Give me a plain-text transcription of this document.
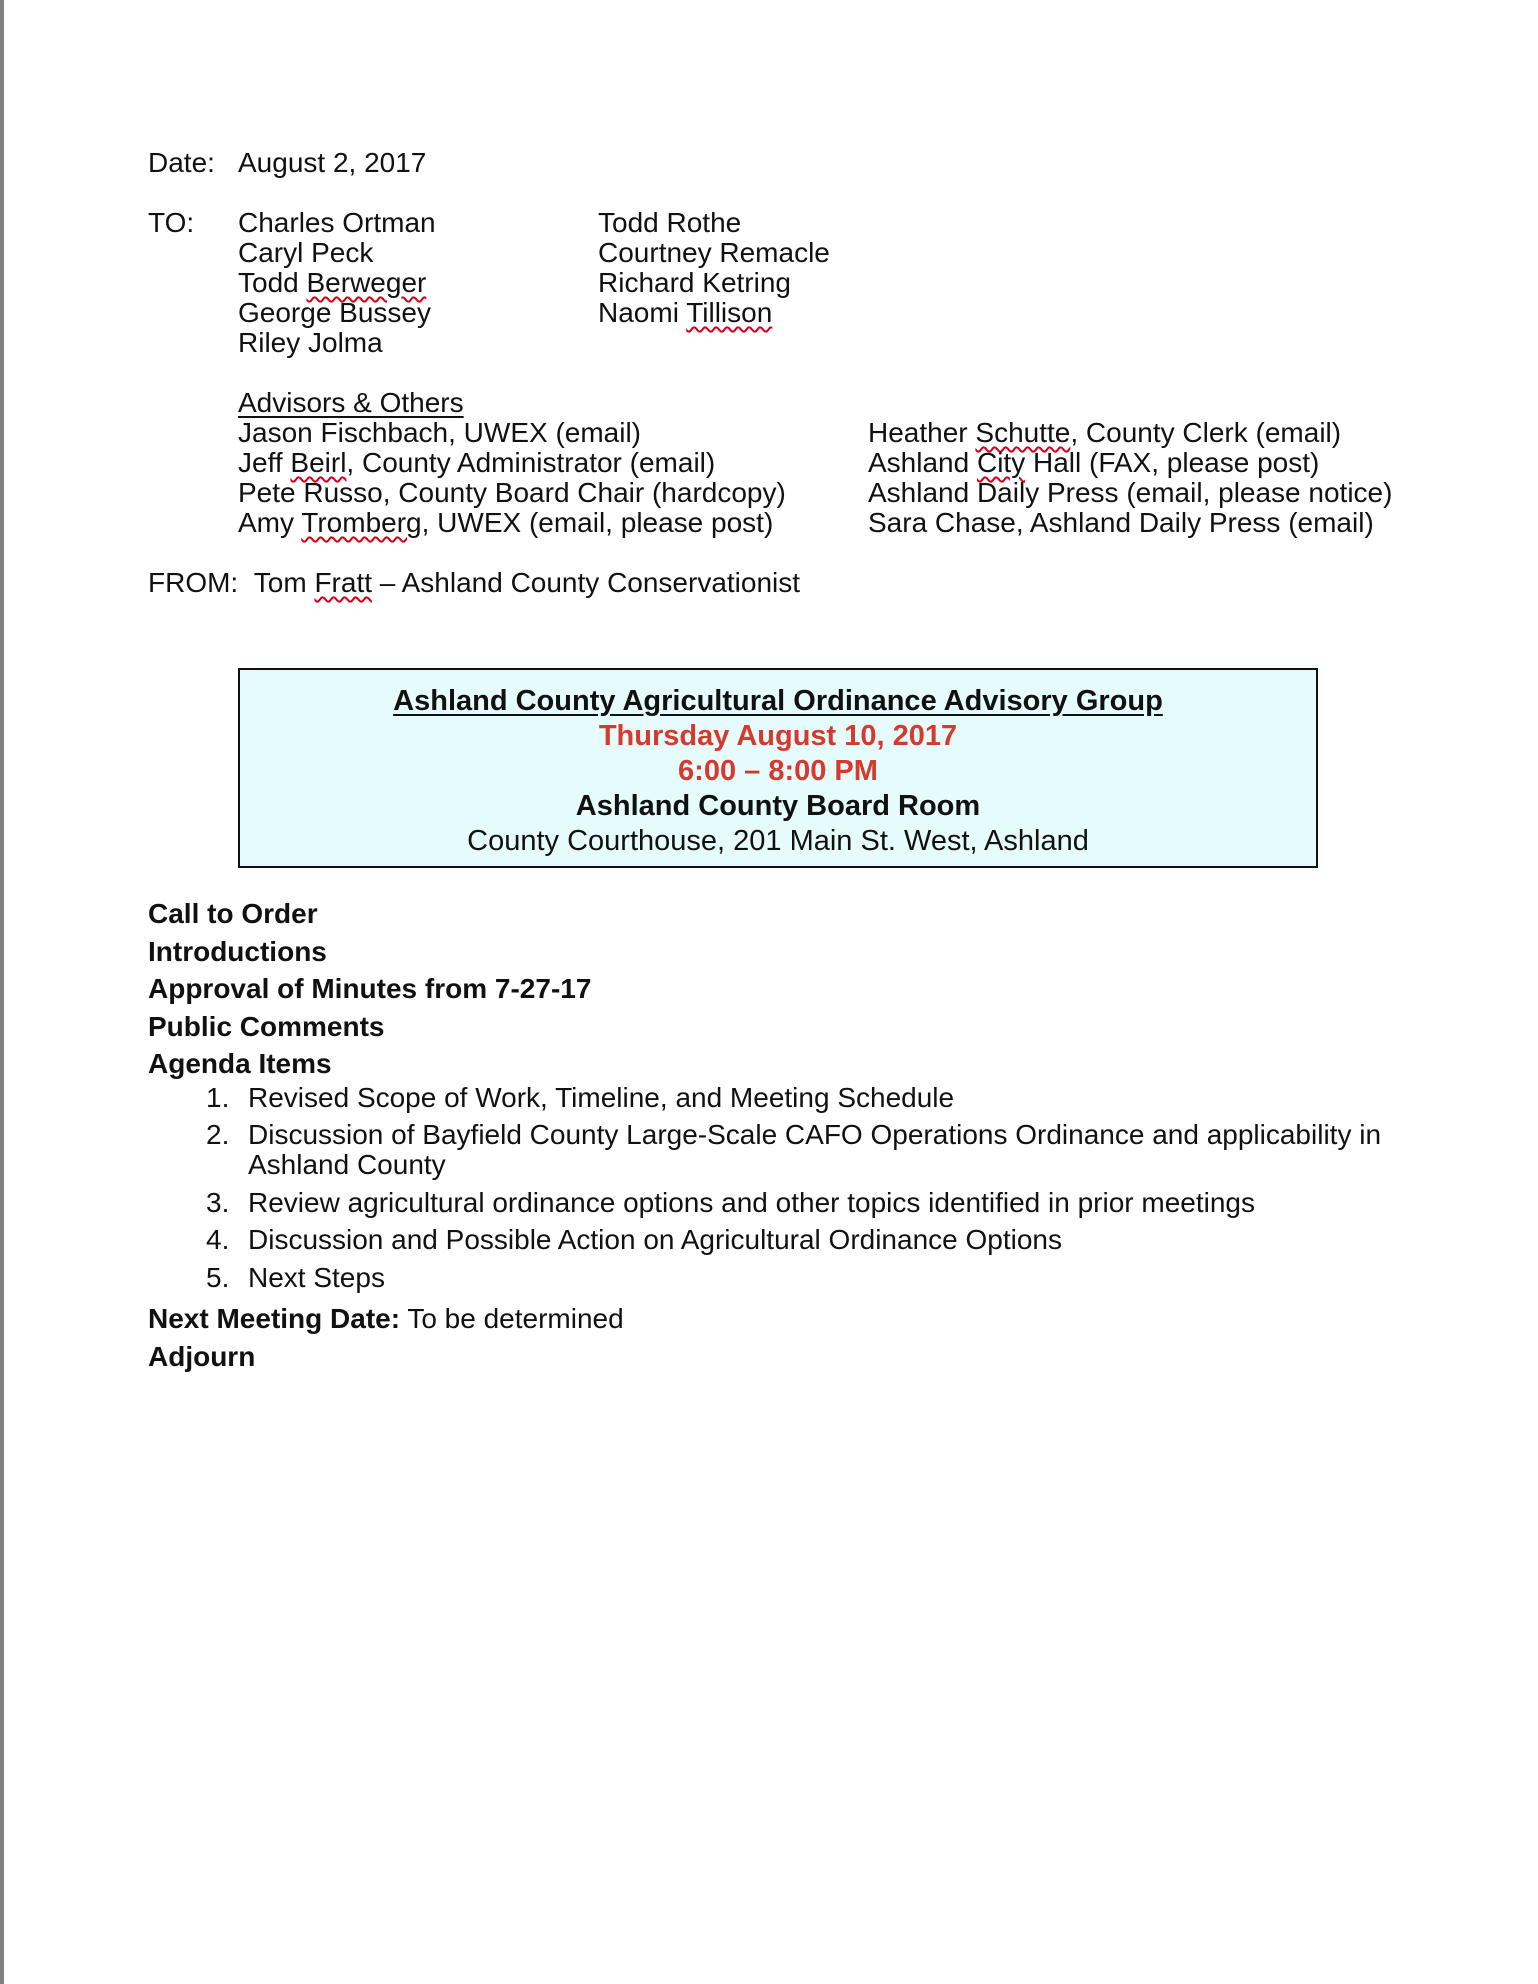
Date: August 2, 2017
TO: Charles Ortman
Caryl Peck
Todd Berweger
George Bussey
Riley Jolma
Todd Rothe
Courtney Remacle
Richard Ketring
Naomi Tillison
Advisors & Others
Jason Fischbach, UWEX (email)
Jeff Beirl, County Administrator (email)
Pete Russo, County Board Chair (hardcopy)
Amy Tromberg, UWEX (email, please post)
Heather Schutte, County Clerk (email)
Ashland City Hall (FAX, please post)
Ashland Daily Press (email, please notice)
Sara Chase, Ashland Daily Press (email)
FROM:  Tom Fratt – Ashland County Conservationist
Ashland County Agricultural Ordinance Advisory Group
Thursday August 10, 2017
6:00 – 8:00 PM
Ashland County Board Room
County Courthouse, 201 Main St. West, Ashland
Call to Order
Introductions
Approval of Minutes from 7-27-17
Public Comments
Agenda Items
1. Revised Scope of Work, Timeline, and Meeting Schedule
2. Discussion of Bayfield County Large-Scale CAFO Operations Ordinance and applicability in Ashland County
3. Review agricultural ordinance options and other topics identified in prior meetings
4. Discussion and Possible Action on Agricultural Ordinance Options
5. Next Steps
Next Meeting Date: To be determined
Adjourn
